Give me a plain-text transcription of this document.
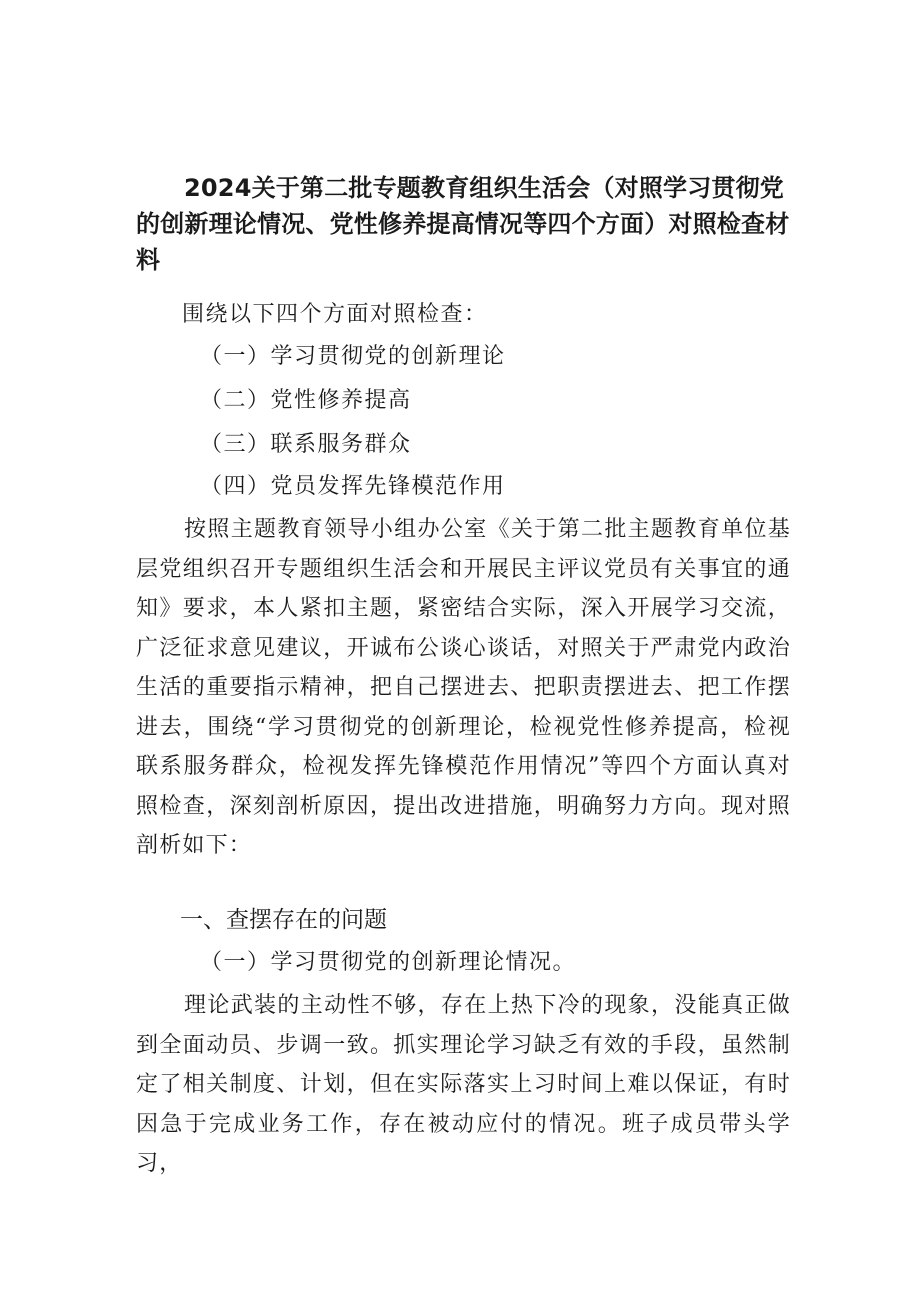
2024关于第二批专题教育组织生活会（对照学习贯彻党的创新理论情况、党性修养提高情况等四个方面）对照检查材料

围绕以下四个方面对照检查：
（一）学习贯彻党的创新理论
（二）党性修养提高
（三）联系服务群众
（四）党员发挥先锋模范作用

按照主题教育领导小组办公室《关于第二批主题教育单位基层党组织召开专题组织生活会和开展民主评议党员有关事宜的通知》要求，本人紧扣主题，紧密结合实际，深入开展学习交流，广泛征求意见建议，开诚布公谈心谈话，对照关于严肃党内政治生活的重要指示精神，把自己摆进去、把职责摆进去、把工作摆进去，围绕“学习贯彻党的创新理论，检视党性修养提高，检视联系服务群众，检视发挥先锋模范作用情况”等四个方面认真对照检查，深刻剖析原因，提出改进措施，明确努力方向。现对照剖析如下：

一、查摆存在的问题
（一）学习贯彻党的创新理论情况。

理论武装的主动性不够，存在上热下冷的现象，没能真正做到全面动员、步调一致。抓实理论学习缺乏有效的手段，虽然制定了相关制度、计划，但在实际落实上习时间上难以保证，有时因急于完成业务工作，存在被动应付的情况。班子成员带头学习，
